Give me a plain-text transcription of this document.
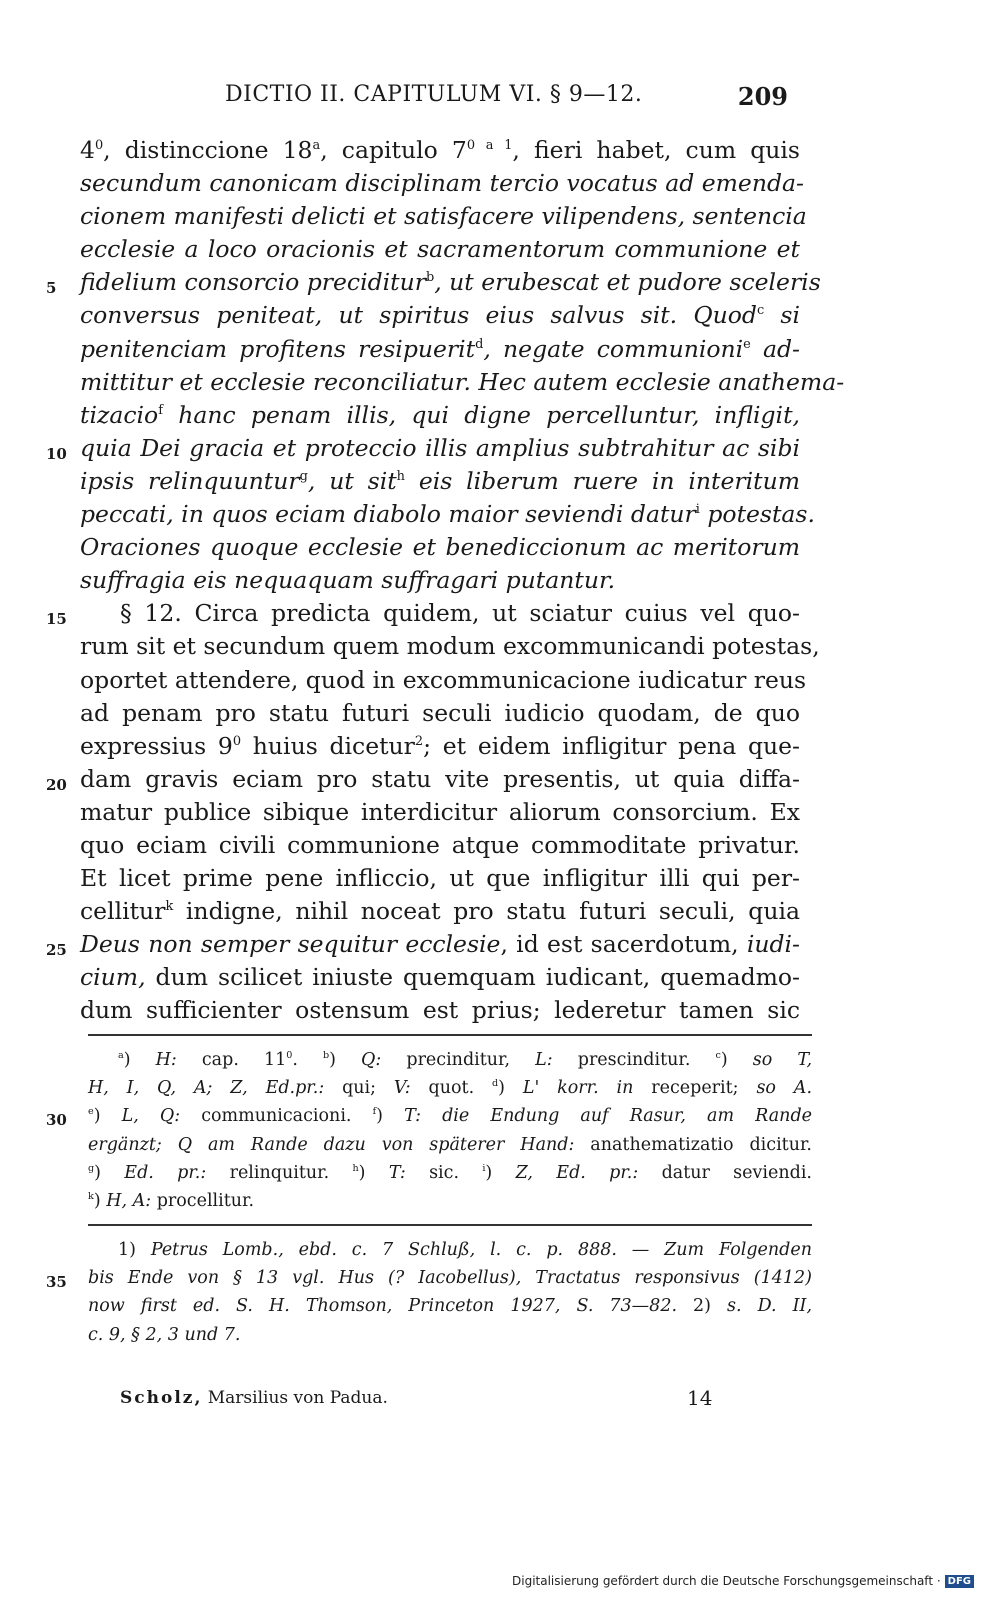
DICTIO II. CAPITULUM VI. § 9—12.	209
$4^0$, distinccione 18$^a$, capitulo $7^{0 a 1}$, fieri habet, cum quis
secundum canonicam disciplinam tercio vocatus ad emenda-
cionem manifesti delicti et satisfacere vilipendens, sentencia
ecclesie a loco oracionis et sacramentorum communione et
5 fidelium consorcio preciditur$^b$, ut erubescat et pudore sceleris
conversus peniteat, ut spiritus eius salvus sit. Quod$^c$ si
penitenciam profitens resipuerit$^d$, negate communioni$^e$ ad-
mittitur et ecclesie reconciliatur. Hec autem ecclesie anathema-
tizacio$^f$ hanc penam illis, qui digne percelluntur, infligit,
10 quia Dei gracia et proteccio illis amplius subtrahitur ac sibi
ipsis relinquuntur$^g$, ut sit$^h$ eis liberum ruere in interitum
peccati, in quos eciam diabolo maior seviendi datur$^i$ potestas.
Oraciones quoque ecclesie et benediccionum ac meritorum
suffragia eis nequaquam suffragari putantur.
15 § 12. Circa predicta quidem, ut sciatur cuius vel quo-
rum sit et secundum quem modum excommunicandi potestas,
oportet attendere, quod in excommunicacione iudicatur reus
ad penam pro statu futuri seculi iudicio quodam, de quo
expressius $9^0$ huius dicetur$^2$; et eidem infligitur pena que-
20 dam gravis eciam pro statu vite presentis, ut quia diffa-
matur publice sibique interdicitur aliorum consorcium. Ex
quo eciam civili communione atque commoditate privatur.
Et licet prime pene infliccio, ut que infligitur illi qui per-
cellitur$^k$ indigne, nihil noceat pro statu futuri seculi, quia
25 Deus non semper sequitur ecclesie, id est sacerdotum, iudi-
cium, dum scilicet iniuste quemquam iudicant, quemadmo-
dum sufficienter ostensum est prius; lederetur tamen sic
$^a$) H: cap. $11^0$. $^b$) Q: precinditur, L: prescinditur. $^c$) so T,
H, I, Q, A; Z, Ed.pr.: qui; V: quot. $^d$) L' korr. in receperit; so A.
30 $^e$) L, Q: communicacioni. $^f$) T: die Endung auf Rasur, am Rande
ergänzt; Q am Rande dazu von späterer Hand: anathematizatio dicitur.
$^g$) Ed. pr.: relinquitur. $^h$) T: sic. $^i$) Z, Ed. pr.: datur seviendi.
$^k$) H, A: procellitur.
1) Petrus Lomb., ebd. c. 7 Schluß, l. c. p. 888. — Zum Folgenden
35 bis Ende von § 13 vgl. Hus (? Iacobellus), Tractatus responsivus (1412)
now first ed. S. H. Thomson, Princeton 1927, S. 73—82. 2) s. D. II,
c. 9, § 2, 3 und 7.
Scholz, Marsilius von Padua.	14
Digitalisierung gefördert durch die Deutsche Forschungsgemeinschaft · DFG
